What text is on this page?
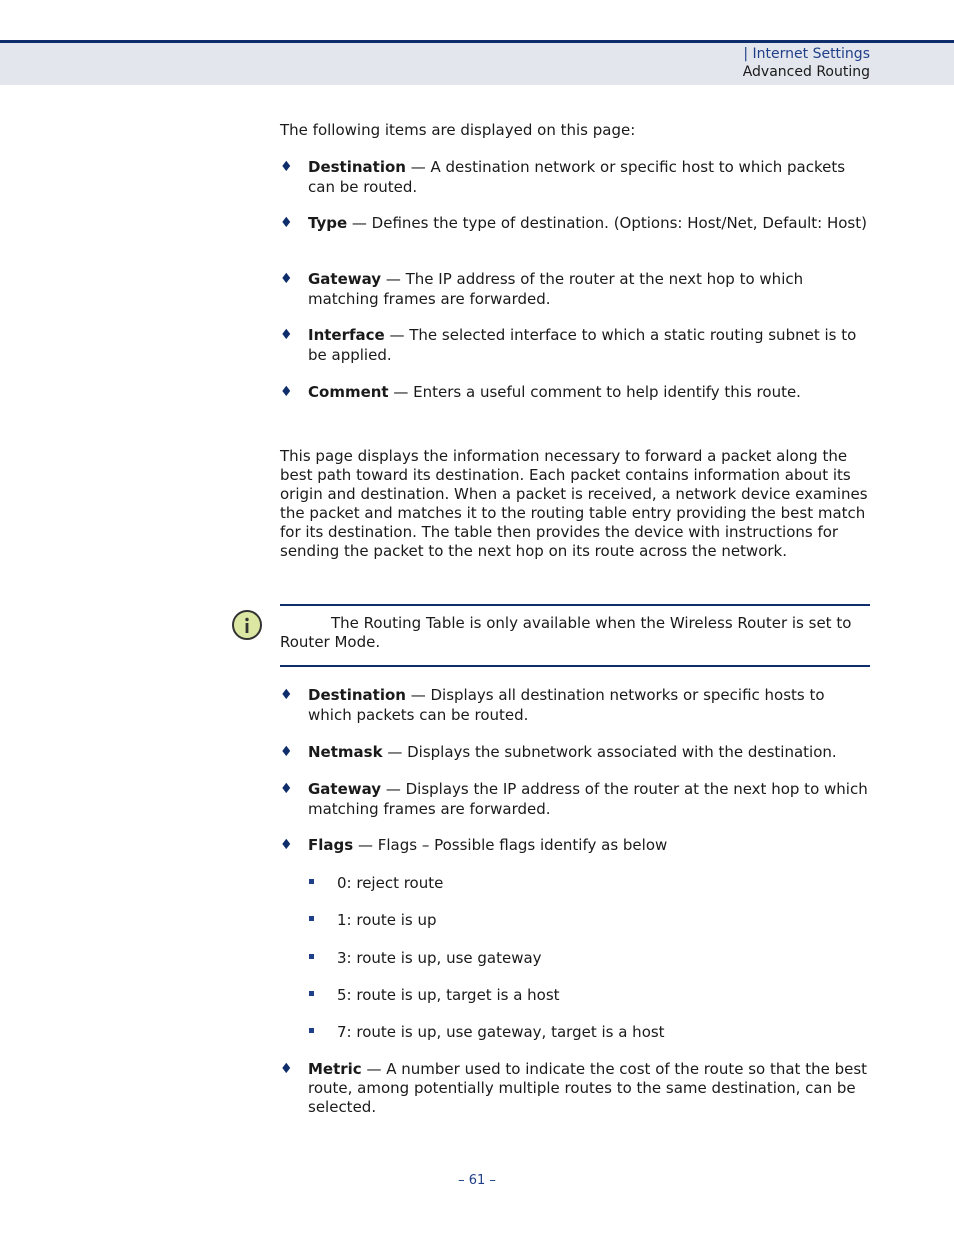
| Internet Settings
Advanced Routing

The following items are displayed on this page:

♦ Destination — A destination network or specific host to which packets can be routed.
♦ Type — Defines the type of destination. (Options: Host/Net, Default: Host)
♦ Gateway — The IP address of the router at the next hop to which matching frames are forwarded.
♦ Interface — The selected interface to which a static routing subnet is to be applied.
♦ Comment — Enters a useful comment to help identify this route.

This page displays the information necessary to forward a packet along the best path toward its destination. Each packet contains information about its origin and destination. When a packet is received, a network device examines the packet and matches it to the routing table entry providing the best match for its destination. The table then provides the device with instructions for sending the packet to the next hop on its route across the network.

The Routing Table is only available when the Wireless Router is set to Router Mode.
♦ Destination — Displays all destination networks or specific hosts to which packets can be routed.
♦ Netmask — Displays the subnetwork associated with the destination.
♦ Gateway — Displays the IP address of the router at the next hop to which matching frames are forwarded.
♦ Flags — Flags – Possible flags identify as below
0: reject route
1: route is up
3: route is up, use gateway
5: route is up, target is a host
7: route is up, use gateway, target is a host
♦ Metric — A number used to indicate the cost of the route so that the best route, among potentially multiple routes to the same destination, can be selected.
– 61 –
